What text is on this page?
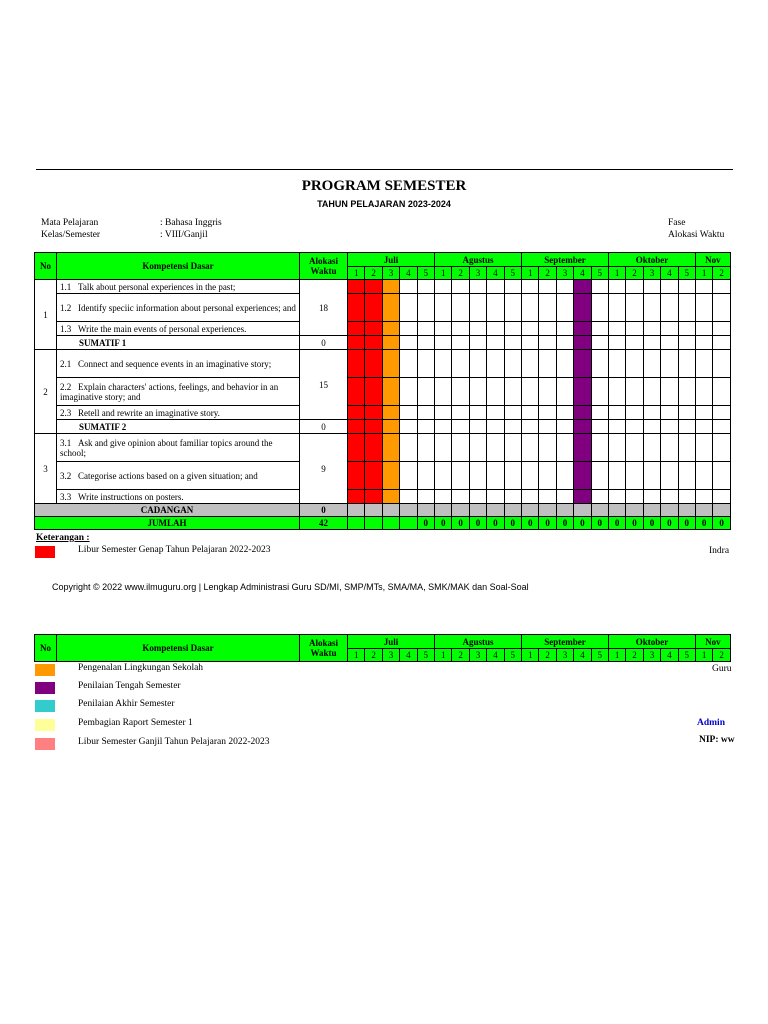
PROGRAM SEMESTER
TAHUN PELAJARAN 2023-2024
Mata Pelajaran	: Bahasa Inggris
Kelas/Semester	: VIII/Ganjil
Fase
Alokasi Waktu
No	Kompetensi Dasar	Alokasi
Waktu	Juli					Agustus					September					Oktober					Nov	
			1	2	3	4	5	1	2	3	4	5	1	2	3	4	5	1	2	3	4	5	1	2
1	1.1 Talk about personal experiences in the past;	18																						
	1.2 Identify speciic information about personal experiences; and																							
	1.3 Write the main events of personal experiences.																							
	SUMATIF 1	0																						
2	2.1 Connect and sequence events in an imaginative story;	15																						
	2.2 Explain characters' actions, feelings, and behavior in an imaginative story; and																							
	2.3 Retell and rewrite an imaginative story.																							
	SUMATIF 2	0																						
3	3.1 Ask and give opinion about familiar topics around the school;	9																						
	3.2 Categorise actions based on a given situation; and																							
	3.3 Write instructions on posters.																							
CADANGAN		0																						
JUMLAH		42					0	0	0	0	0	0	0	0	0	0	0	0	0	0	0	0	0	0
No	Kompetensi Dasar	Alokasi
Waktu	Juli					Agustus					September					Oktober					Nov	
			1	2	3	4	5	1	2	3	4	5	1	2	3	4	5	1	2	3	4	5	1	2
Keterangan :
Libur Semester Genap Tahun Pelajaran 2022-2023
Pengenalan Lingkungan Sekolah
Penilaian Tengah Semester
Penilaian Akhir Semester
Pembagian Raport Semester 1
Libur Semester Ganjil Tahun Pelajaran 2022-2023
Copyright © 2022 www.ilmuguru.org | Lengkap Administrasi Guru SD/MI, SMP/MTs, SMA/MA, SMK/MAK dan Soal-Soal
Indra
Guru
Admin
NIP: ww
